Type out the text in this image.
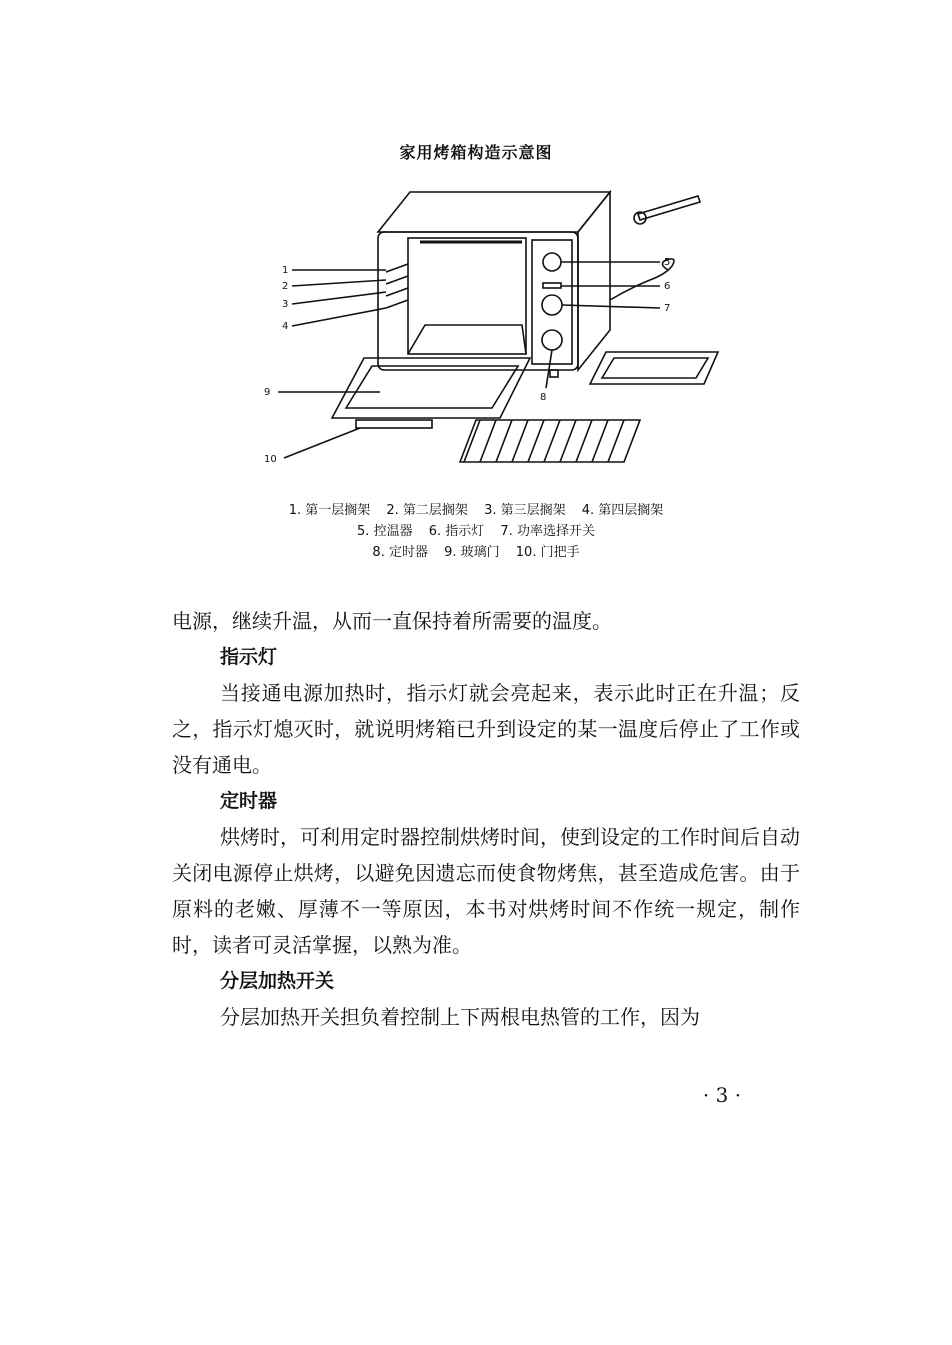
家用烤箱构造示意图
1
2
3
4
5
6
7
8
9
10
1. 第一层搁架 2. 第二层搁架 3. 第三层搁架 4. 第四层搁架
5. 控温器 6. 指示灯 7. 功率选择开关
8. 定时器 9. 玻璃门 10. 门把手

电源，继续升温，从而一直保持着所需要的温度。

指示灯

当接通电源加热时，指示灯就会亮起来，表示此时正在升温；反之，指示灯熄灭时，就说明烤箱已升到设定的某一温度后停止了工作或没有通电。

定时器

烘烤时，可利用定时器控制烘烤时间，使到设定的工作时间后自动关闭电源停止烘烤，以避免因遗忘而使食物烤焦，甚至造成危害。由于原料的老嫩、厚薄不一等原因，本书对烘烤时间不作统一规定，制作时，读者可灵活掌握，以熟为准。

分层加热开关

分层加热开关担负着控制上下两根电热管的工作，因为

· 3 ·
